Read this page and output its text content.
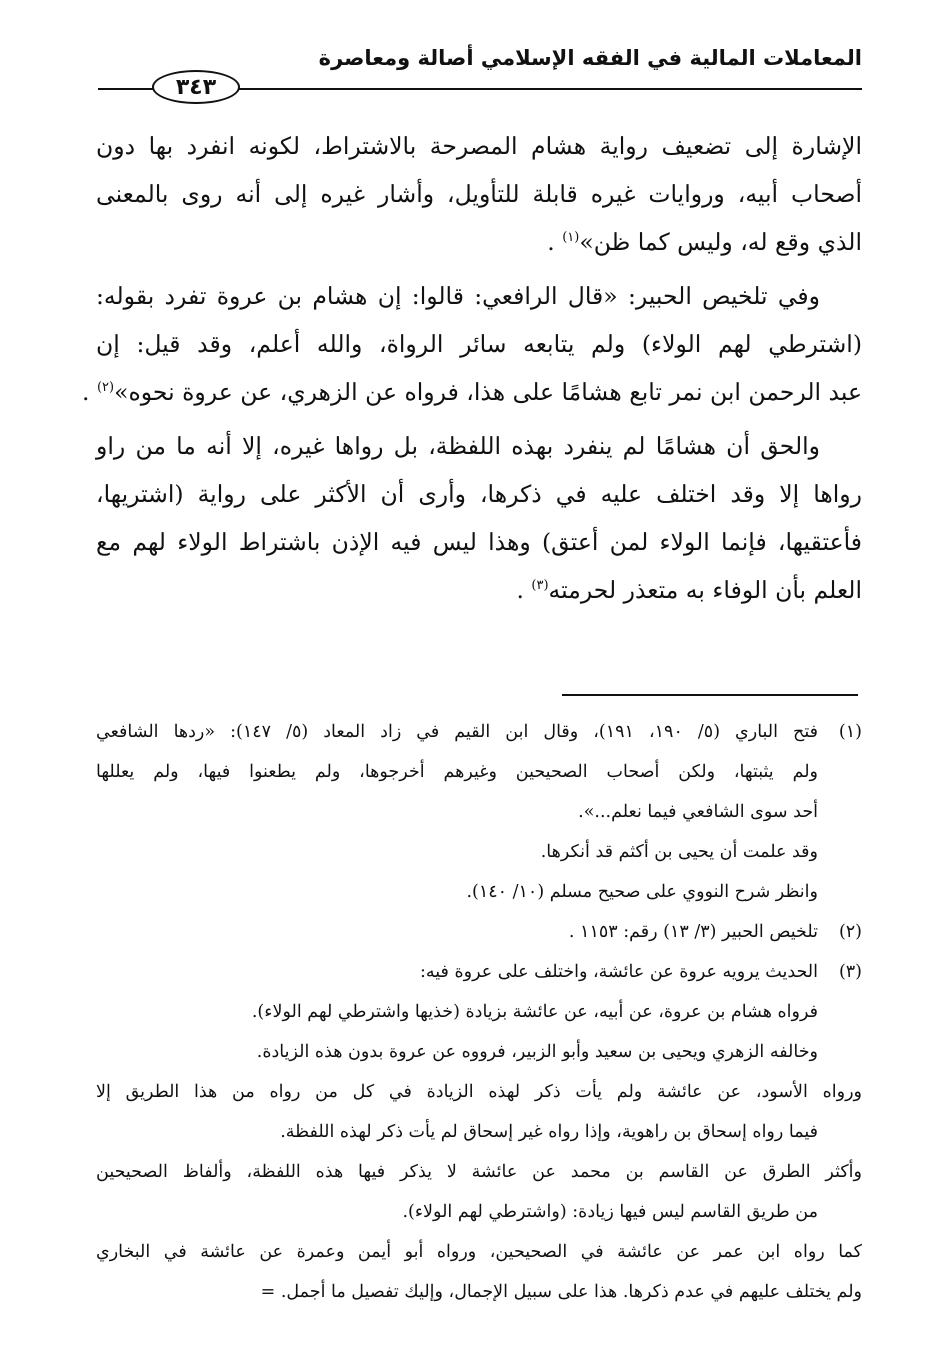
المعاملات المالية في الفقه الإسلامي أصالة ومعاصرة
٣٤٣
الإشارة إلى تضعيف رواية هشام المصرحة بالاشتراط، لكونه انفرد بها دون
أصحاب أبيه، وروايات غيره قابلة للتأويل، وأشار غيره إلى أنه روى بالمعنى
الذي وقع له، وليس كما ظن»$^{(١)}$ .
وفي تلخيص الحبير: «قال الرافعي: قالوا: إن هشام بن عروة تفرد بقوله:
(اشترطي لهم الولاء) ولم يتابعه سائر الرواة، والله أعلم، وقد قيل: إن
عبد الرحمن ابن نمر تابع هشامًا على هذا، فرواه عن الزهري، عن عروة نحوه»$^{(٢)}$ .
والحق أن هشامًا لم ينفرد بهذه اللفظة، بل رواها غيره، إلا أنه ما من راو
رواها إلا وقد اختلف عليه في ذكرها، وأرى أن الأكثر على رواية (اشتريها،
فأعتقيها، فإنما الولاء لمن أعتق) وهذا ليس فيه الإذن باشتراط الولاء لهم مع
العلم بأن الوفاء به متعذر لحرمته$^{(٣)}$ .
(١)فتح الباري (٥/ ١٩٠، ١٩١)، وقال ابن القيم في زاد المعاد (٥/ ١٤٧): «ردها الشافعي
ولم يثبتها، ولكن أصحاب الصحيحين وغيرهم أخرجوها، ولم يطعنوا فيها، ولم يعللها
أحد سوى الشافعي فيما نعلم...».
وقد علمت أن يحيى بن أكثم قد أنكرها.
وانظر شرح النووي على صحيح مسلم (١٠/ ١٤٠).
(٢)تلخيص الحبير (٣/ ١٣) رقم: ١١٥٣ .
(٣)الحديث يرويه عروة عن عائشة، واختلف على عروة فيه:
فرواه هشام بن عروة، عن أبيه، عن عائشة بزيادة (خذيها واشترطي لهم الولاء).
وخالفه الزهري ويحيى بن سعيد وأبو الزبير، فرووه عن عروة بدون هذه الزيادة.
ورواه الأسود، عن عائشة ولم يأت ذكر لهذه الزيادة في كل من رواه من هذا الطريق إلا
فيما رواه إسحاق بن راهوية، وإذا رواه غير إسحاق لم يأت ذكر لهذه اللفظة.
وأكثر الطرق عن القاسم بن محمد عن عائشة لا يذكر فيها هذه اللفظة، وألفاظ الصحيحين
من طريق القاسم ليس فيها زيادة: (واشترطي لهم الولاء).
كما رواه ابن عمر عن عائشة في الصحيحين، ورواه أبو أيمن وعمرة عن عائشة في البخاري
ولم يختلف عليهم في عدم ذكرها. هذا على سبيل الإجمال، وإليك تفصيل ما أجمل. =
